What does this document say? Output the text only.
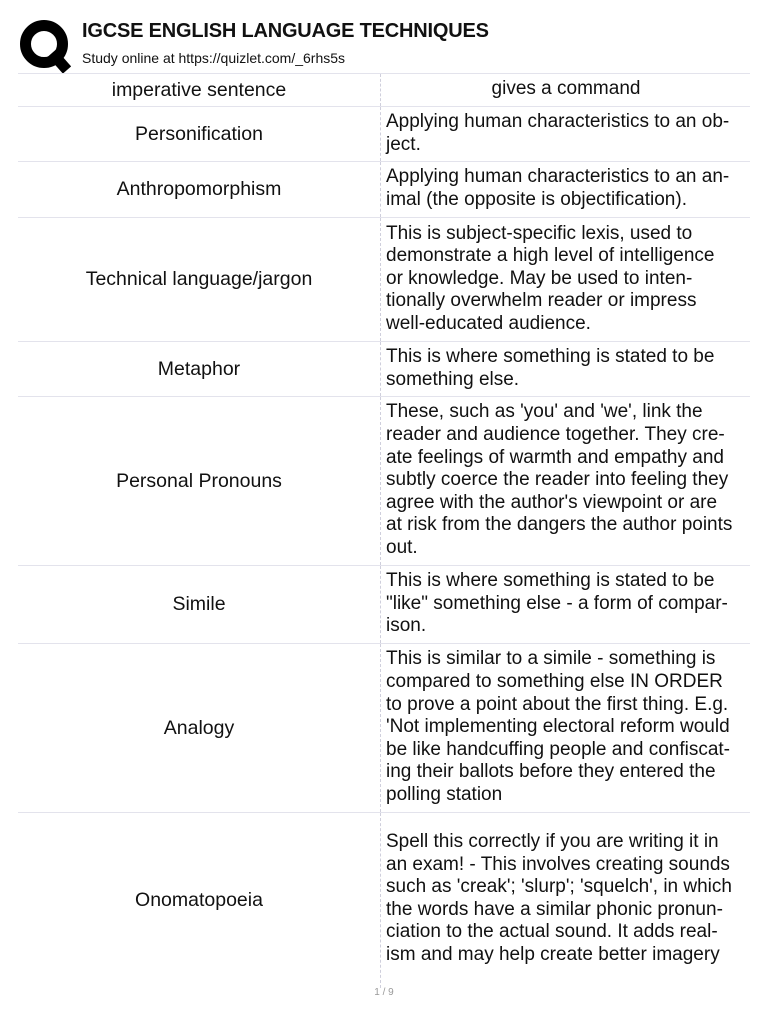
IGCSE ENGLISH LANGUAGE TECHNIQUES
Study online at https://quizlet.com/_6rhs5s
imperative sentence	gives a command
Personification
Applying human characteristics to an ob-
ject.
Anthropomorphism
Applying human characteristics to an an-
imal (the opposite is objectification).
Technical language/jargon
This is subject-specific lexis, used to
demonstrate a high level of intelligence
or knowledge. May be used to inten-
tionally overwhelm reader or impress
well-educated audience.
Metaphor
This is where something is stated to be
something else.
Personal Pronouns
These, such as 'you' and 'we', link the
reader and audience together. They cre-
ate feelings of warmth and empathy and
subtly coerce the reader into feeling they
agree with the author's viewpoint or are
at risk from the dangers the author points
out.
Simile
This is where something is stated to be
"like" something else - a form of compar-
ison.
Analogy
This is similar to a simile - something is
compared to something else IN ORDER
to prove a point about the first thing. E.g.
'Not implementing electoral reform would
be like handcuffing people and confiscat-
ing their ballots before they entered the
polling station
Onomatopoeia
Spell this correctly if you are writing it in
an exam! - This involves creating sounds
such as 'creak'; 'slurp'; 'squelch', in which
the words have a similar phonic pronun-
ciation to the actual sound. It adds real-
ism and may help create better imagery
1 / 9
